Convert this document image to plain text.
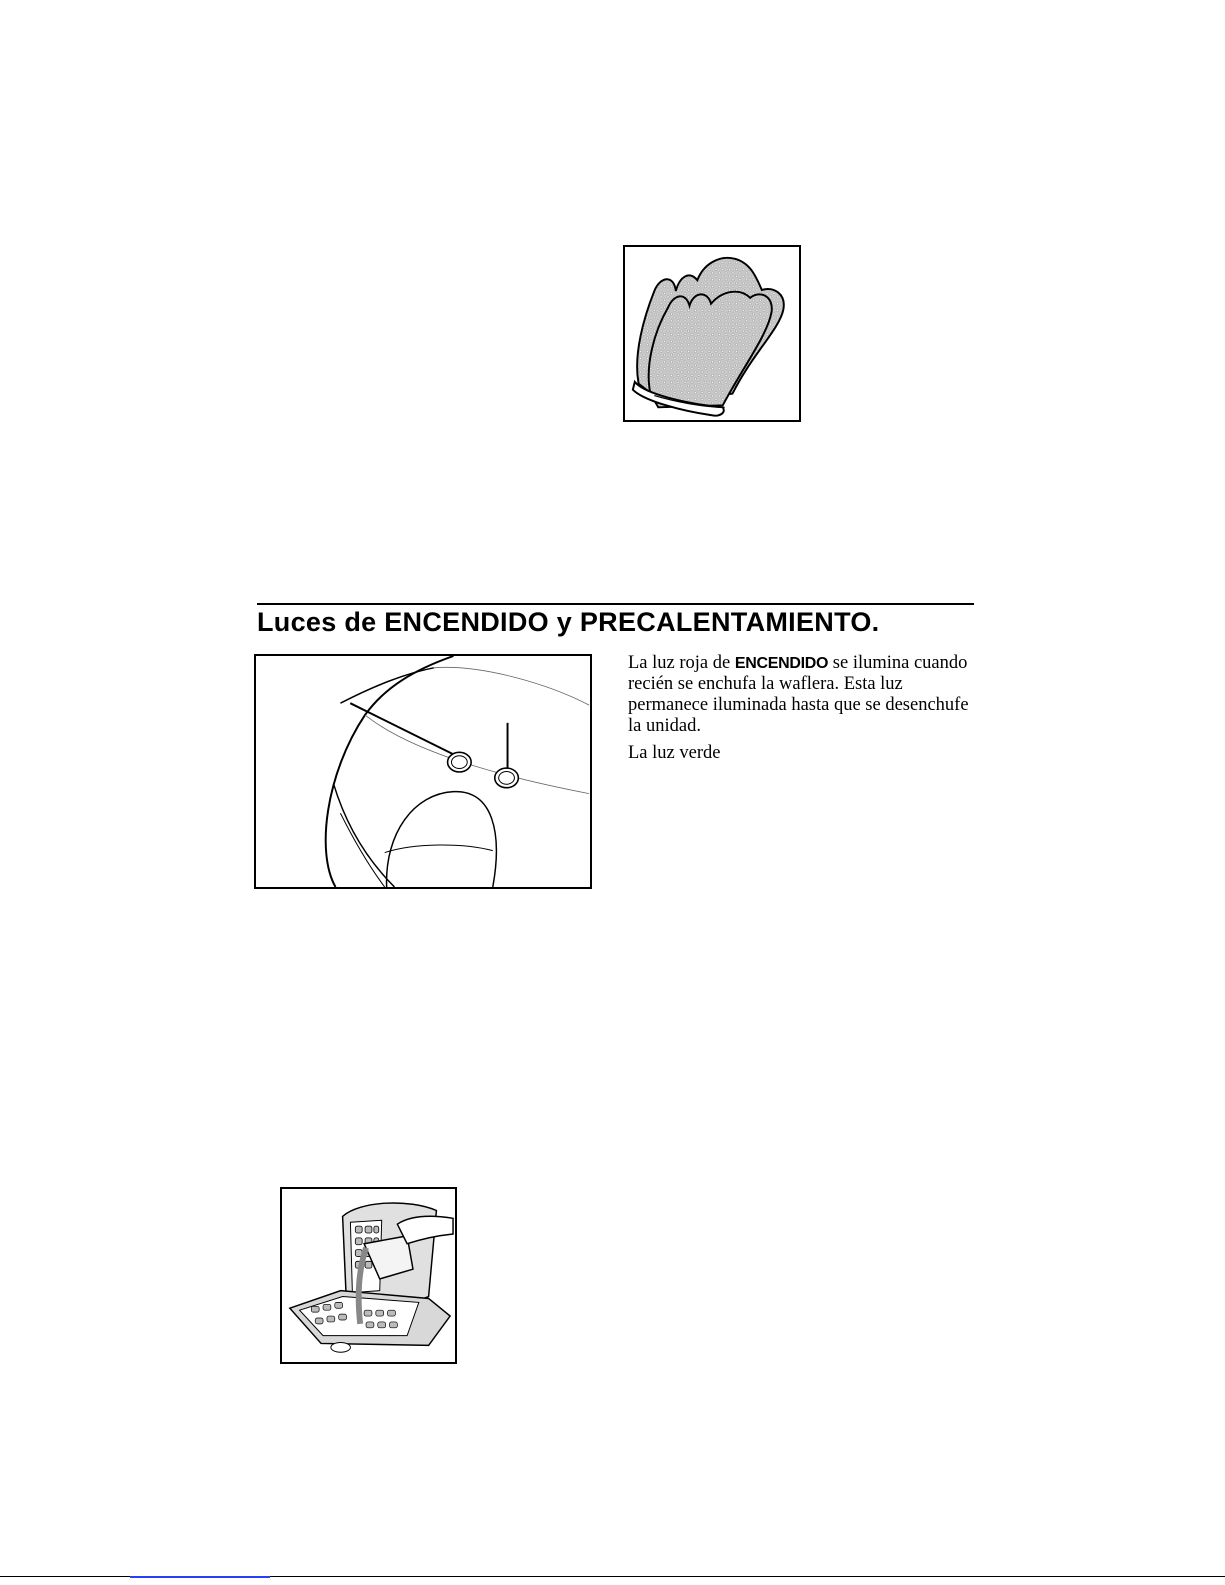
Luces de ENCENDIDO y PRECALENTAMIENTO.

La luz roja de ENCENDIDO se ilumina cuando recién se enchufa la waflera. Esta luz permanece iluminada hasta que se desenchufe la unidad.

La luz verde
